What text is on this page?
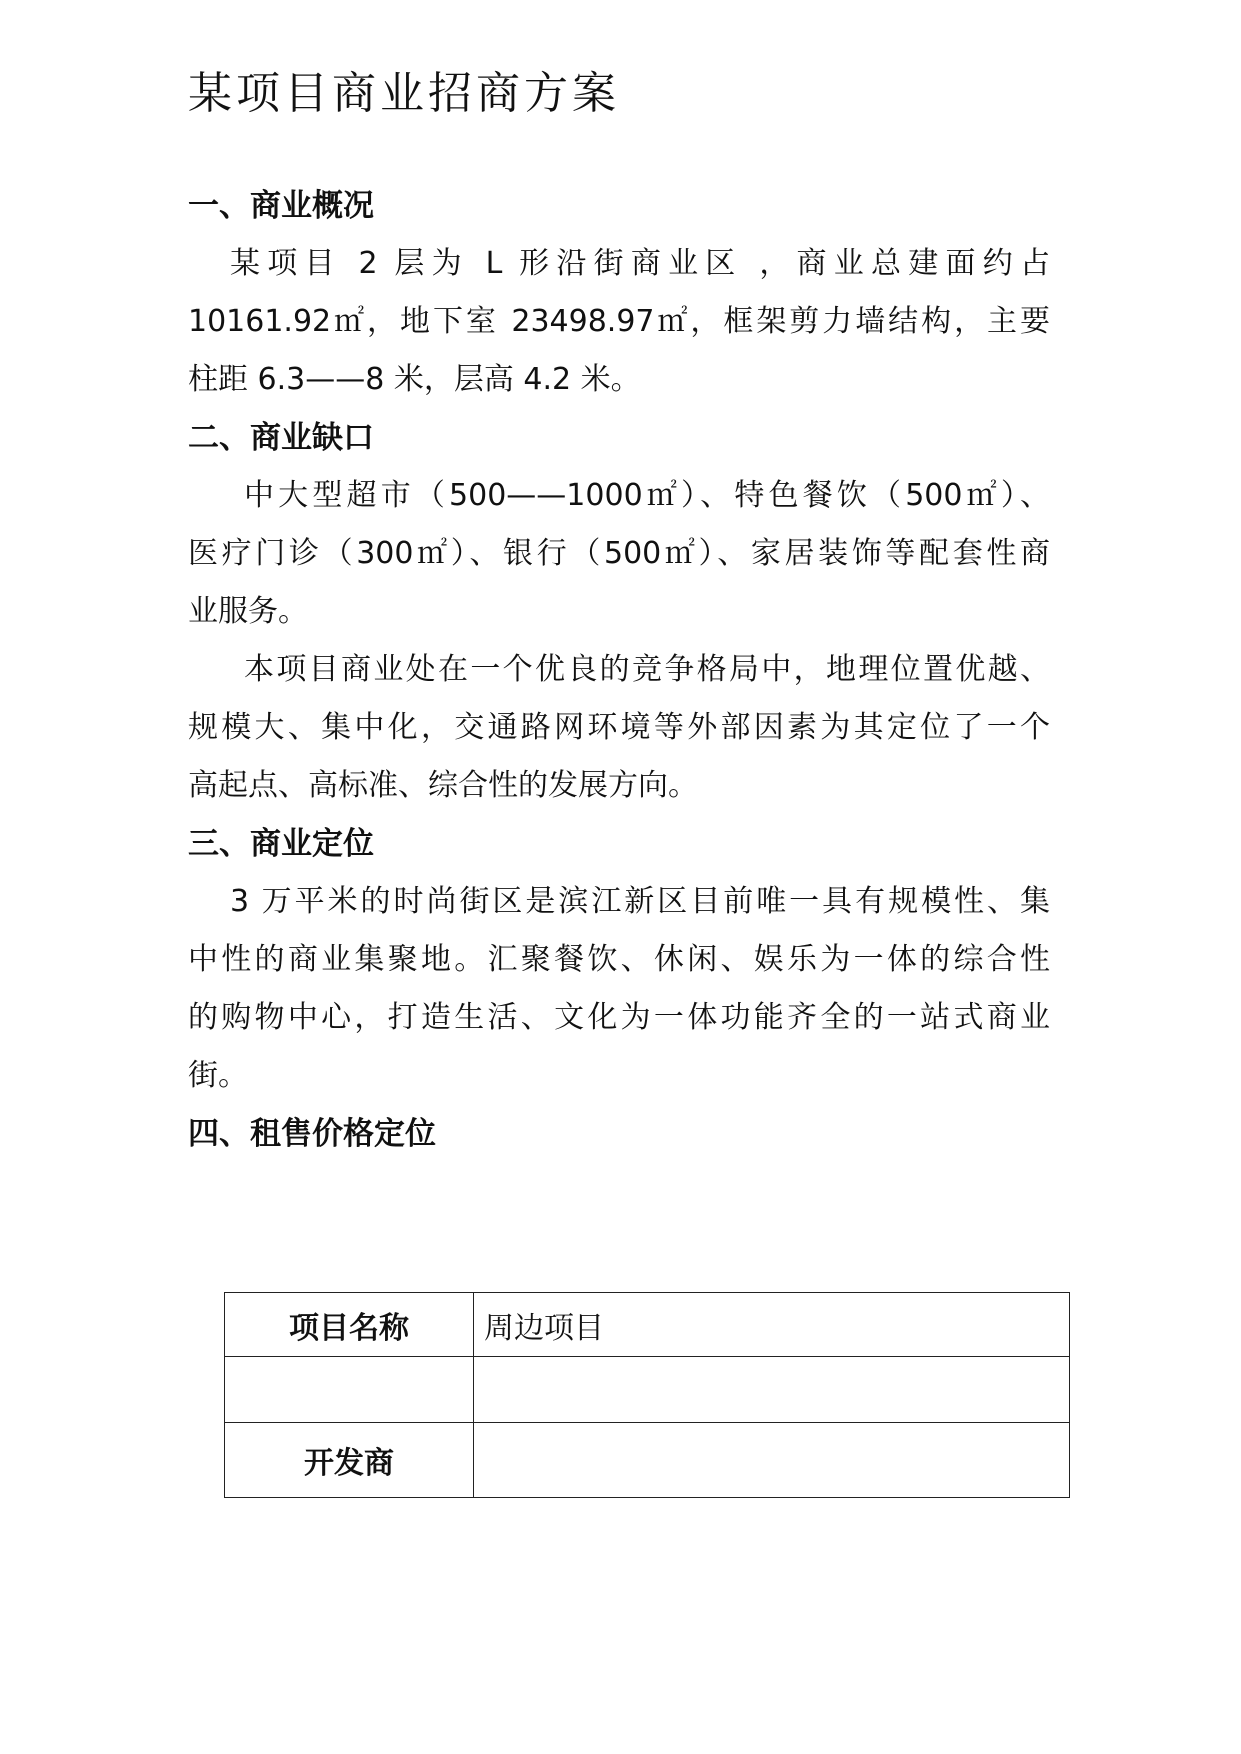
某项目商业招商方案
一、商业概况
某项目 2 层为 L 形沿街商业区 ，商业总建面约占
10161.92㎡，地下室 23498.97㎡，框架剪力墙结构，主要
柱距 6.3——8 米，层高 4.2 米。
二、商业缺口
中大型超市（500——1000㎡）、特色餐饮（500㎡）、
医疗门诊（300㎡）、银行（500㎡）、家居装饰等配套性商
业服务。
本项目商业处在一个优良的竞争格局中，地理位置优越、
规模大、集中化，交通路网环境等外部因素为其定位了一个
高起点、高标准、综合性的发展方向。
三、商业定位
3 万平米的时尚街区是滨江新区目前唯一具有规模性、集
中性的商业集聚地。汇聚餐饮、休闲、娱乐为一体的综合性
的购物中心，打造生活、文化为一体功能齐全的一站式商业
街。
四、租售价格定位
项目名称	周边项目

开发商	
